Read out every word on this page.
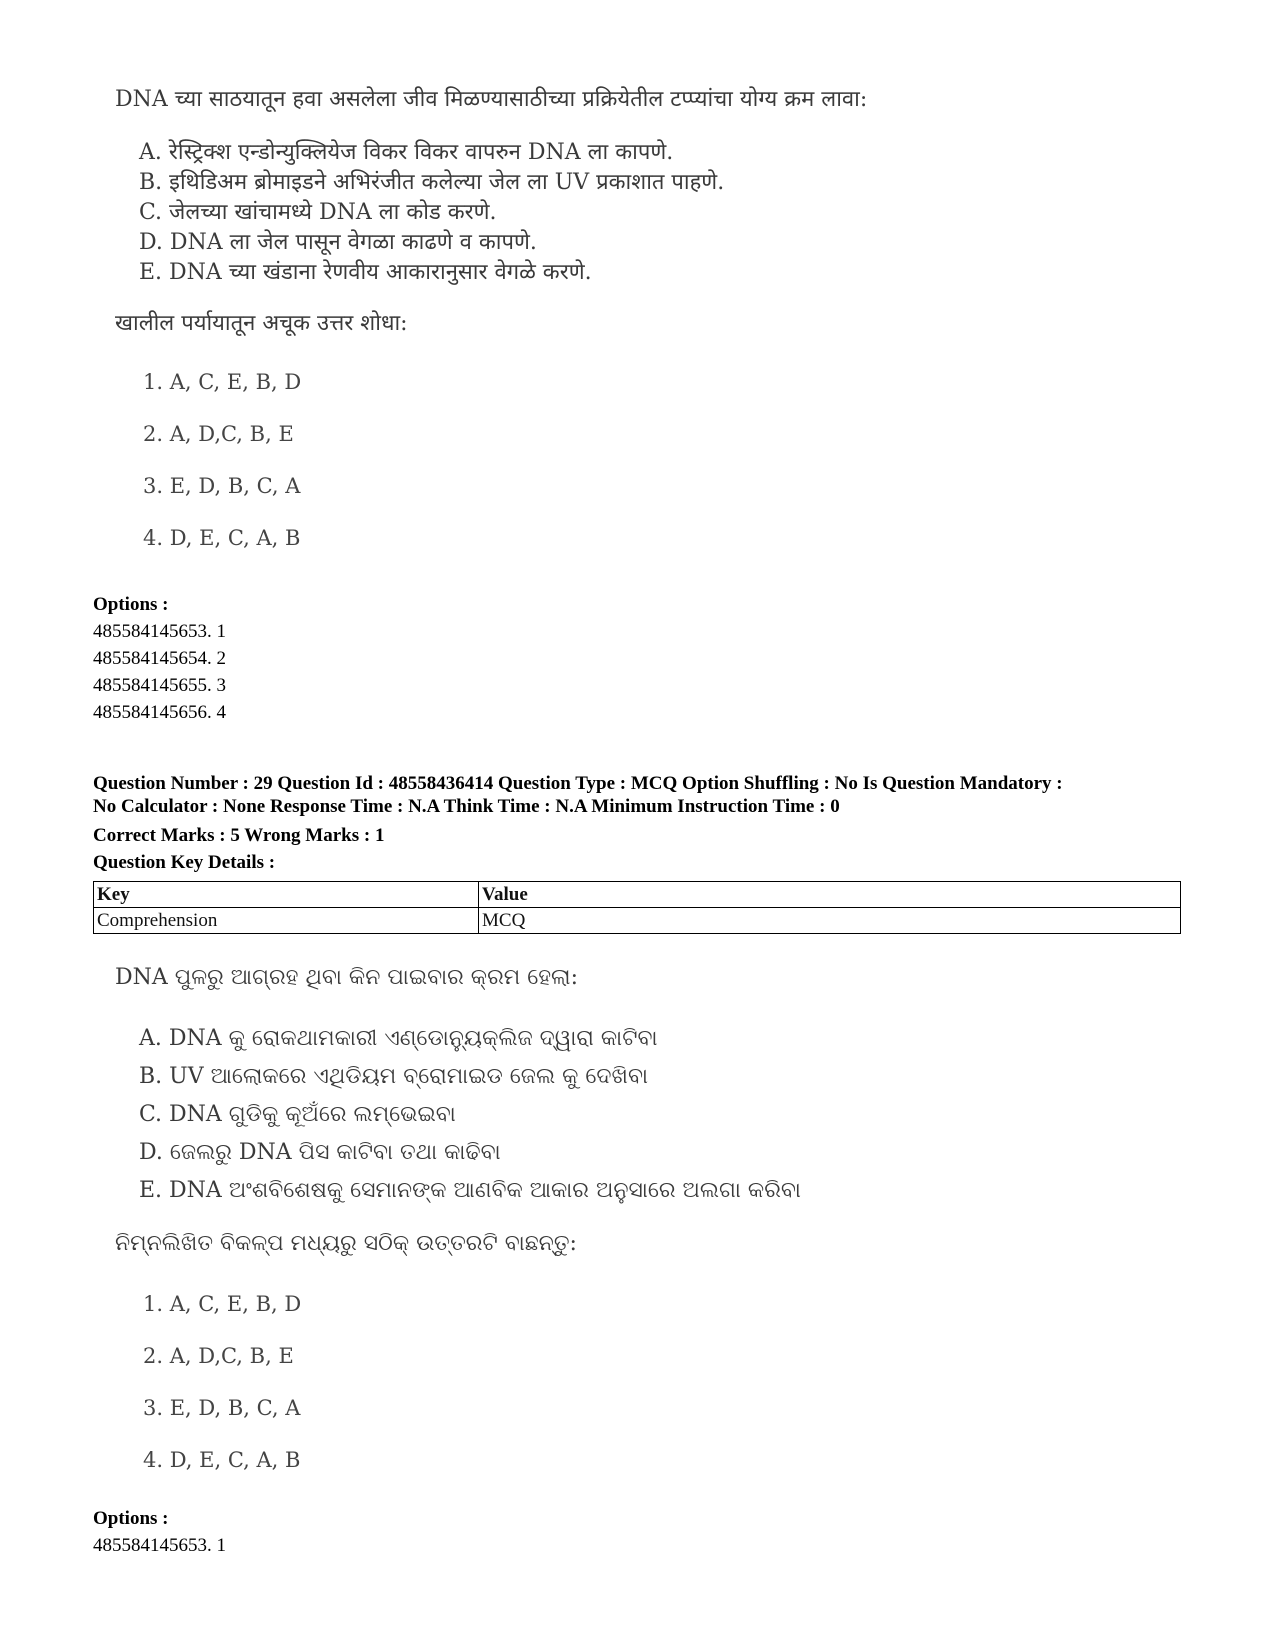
DNA च्या साठयातून हवा असलेला जीव मिळण्यासाठीच्या प्रक्रियेतील टप्प्यांचा योग्य क्रम लावा:

A. रेस्ट्रिक्श एन्डोन्युक्लियेज विकर विकर वापरुन DNA ला कापणे.
B. इथिडिअम ब्रोमाइडने अभिरंजीत कलेल्या जेल ला UV प्रकाशात पाहणे.
C. जेलच्या खांचामध्ये DNA ला कोड करणे.
D. DNA ला जेल पासून वेगळा काढणे व कापणे.
E. DNA च्या खंडाना रेणवीय आकारानुसार वेगळे करणे.

खालील पर्यायातून अचूक उत्तर शोधा:

1. A, C, E, B, D

2. A, D,C, B, E

3. E, D, B, C, A

4. D, E, C, A, B

Options :
485584145653. 1
485584145654. 2
485584145655. 3
485584145656. 4
Question Number : 29 Question Id : 48558436414 Question Type : MCQ Option Shuffling : No Is Question Mandatory :
No Calculator : None Response Time : N.A Think Time : N.A Minimum Instruction Time : 0
Correct Marks : 5 Wrong Marks : 1
Question Key Details :
Key	Value
Comprehension	MCQ

DNA ପୁଳରୁ ଆଗ୍ରହ ଥିବା କିନ ପାଇବାର କ୍ରମ ହେଲା:

A. DNA କୁ ରୋକଥାମକାରୀ ଏଣ୍ଡୋନ୍ୟୁକ୍ଲିଜ ଦ୍ୱାରା କାଟିବା
B. UV ଆଲୋକରେ ଏଥିଡିୟମ ବ୍ରୋମାଇଡ ଜେଲ କୁ ଦେଖିବା
C. DNA ଗୁଡିକୁ କୂଅଁରେ ଲମ୍ଭେଇବା
D. ଜେଲରୁ DNA ପିସ କାଟିବା ତଥା କାଢିବା
E. DNA ଅଂଶବିଶେଷକୁ ସେମାନଙ୍କ ଆଣବିକ ଆକାର ଅନୁସାରେ ଅଲଗା କରିବା

ନିମ୍ନଲିଖିତ ବିକଳ୍ପ ମଧ୍ୟରୁ ସଠିକ୍ ଉତ୍ତରଟି ବାଛନ୍ତୁ:

1. A, C, E, B, D

2. A, D,C, B, E

3. E, D, B, C, A

4. D, E, C, A, B

Options :
485584145653. 1
